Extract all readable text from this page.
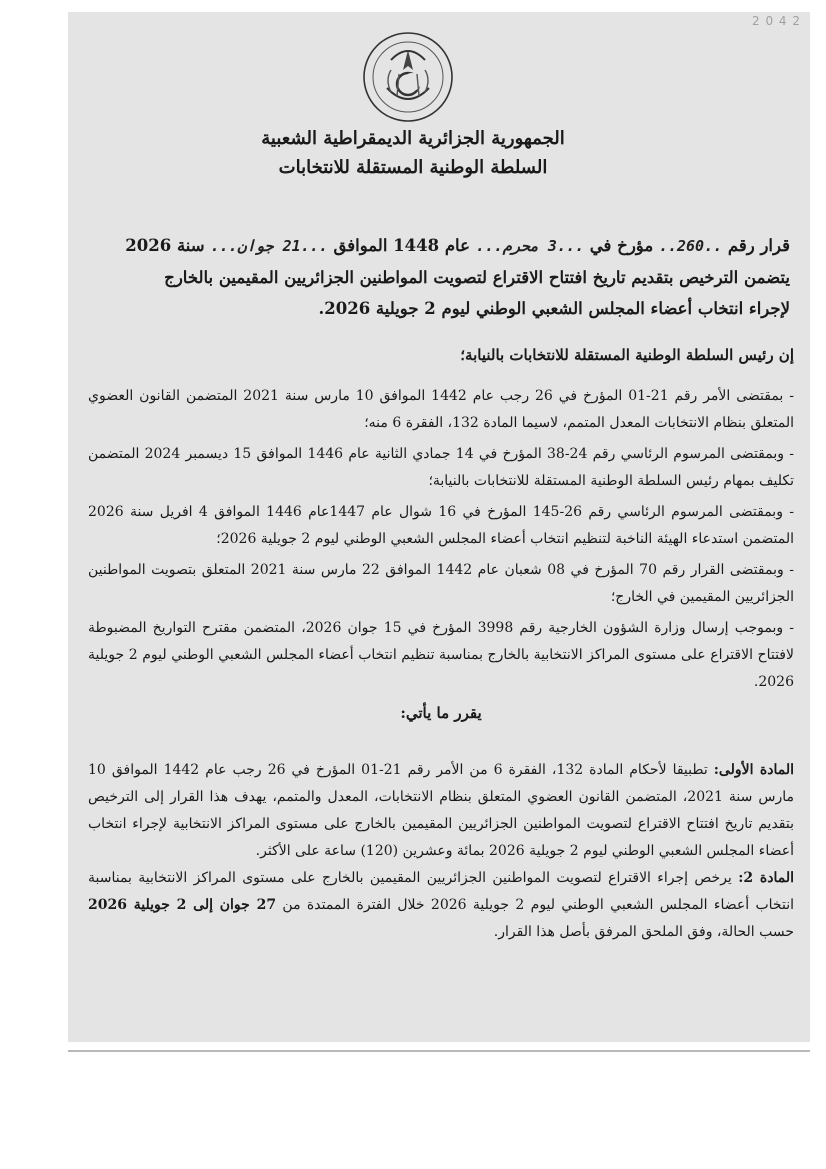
2 0 4 2
الجمهورية الجزائرية الديمقراطية الشعبية
السلطة الوطنية المستقلة للانتخابات
قرار رقم ..260.. مؤرخ في ...3 محرم... عام 1448 الموافق ...21 جوان... سنة 2026
يتضمن الترخيص بتقديم تاريخ افتتاح الاقتراع لتصويت المواطنين الجزائريين المقيمين بالخارج
لإجراء انتخاب أعضاء المجلس الشعبي الوطني ليوم 2 جويلية 2026.
إن رئيس السلطة الوطنية المستقلة للانتخابات بالنيابة؛

- بمقتضى الأمر رقم 21-01 المؤرخ في 26 رجب عام 1442 الموافق 10 مارس سنة 2021 المتضمن القانون العضوي المتعلق بنظام الانتخابات المعدل المتمم، لاسيما المادة 132، الفقرة 6 منه؛

- وبمقتضى المرسوم الرئاسي رقم 24-38 المؤرخ في 14 جمادي الثانية عام 1446 الموافق 15 ديسمبر 2024 المتضمن تكليف بمهام رئيس السلطة الوطنية المستقلة للانتخابات بالنيابة؛

- وبمقتضى المرسوم الرئاسي رقم 26-145 المؤرخ في 16 شوال عام 1447عام 1446 الموافق 4 افريل سنة 2026 المتضمن استدعاء الهيئة الناخبة لتنظيم انتخاب أعضاء المجلس الشعبي الوطني ليوم 2 جويلية 2026؛

- وبمقتضى القرار رقم 70 المؤرخ في 08 شعبان عام 1442 الموافق 22 مارس سنة 2021 المتعلق بتصويت المواطنين الجزائريين المقيمين في الخارج؛

- وبموجب إرسال وزارة الشؤون الخارجية رقم 3998 المؤرخ في 15 جوان 2026، المتضمن مقترح التواريخ المضبوطة لافتتاح الاقتراع على مستوى المراكز الانتخابية بالخارج بمناسبة تنظيم انتخاب أعضاء المجلس الشعبي الوطني ليوم 2 جويلية 2026.

يقرر ما يأتي:

المادة الأولى: تطبيقا لأحكام المادة 132، الفقرة 6 من الأمر رقم 21-01 المؤرخ في 26 رجب عام 1442 الموافق 10 مارس سنة 2021، المتضمن القانون العضوي المتعلق بنظام الانتخابات، المعدل والمتمم، يهدف هذا القرار إلى الترخيص بتقديم تاريخ افتتاح الاقتراع لتصويت المواطنين الجزائريين المقيمين بالخارج على مستوى المراكز الانتخابية لإجراء انتخاب أعضاء المجلس الشعبي الوطني ليوم 2 جويلية 2026 بمائة وعشرين (120) ساعة على الأكثر.

المادة 2: يرخص إجراء الاقتراع لتصويت المواطنين الجزائريين المقيمين بالخارج على مستوى المراكز الانتخابية بمناسبة انتخاب أعضاء المجلس الشعبي الوطني ليوم 2 جويلية 2026 خلال الفترة الممتدة من 27 جوان إلى 2 جويلية 2026 حسب الحالة، وفق الملحق المرفق بأصل هذا القرار.
